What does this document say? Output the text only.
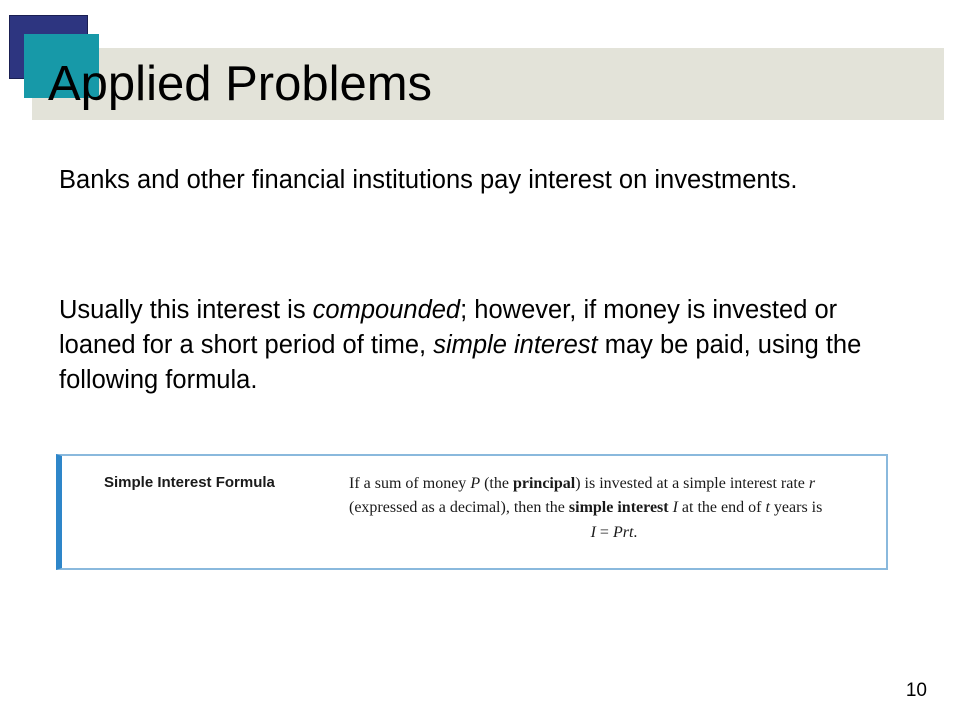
Applied Problems

Banks and other financial institutions pay interest on investments.

Usually this interest is compounded; however, if money is invested or loaned for a short period of time, simple interest may be paid, using the following formula.

Simple Interest Formula	If a sum of money P (the principal) is invested at a simple interest rate r (expressed as a decimal), then the simple interest I at the end of t years is
I = Prt.
10
